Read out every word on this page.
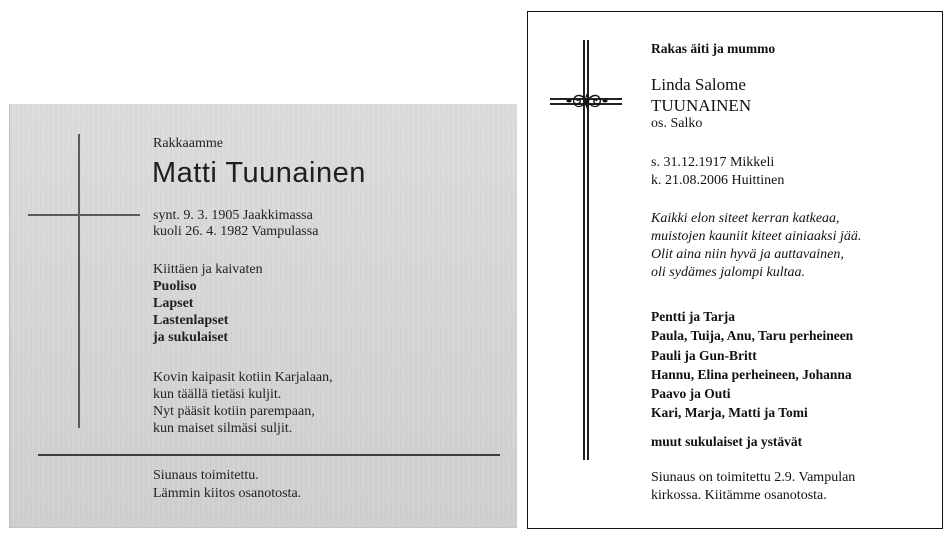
Rakkaamme
Matti Tuunainen
synt. 9. 3. 1905 Jaakkimassa
kuoli 26. 4. 1982 Vampulassa
Kiittäen ja kaivaten
Puoliso
Lapset
Lastenlapset
ja sukulaiset
Kovin kaipasit kotiin Karjalaan,
kun täällä tietäsi kuljit.
Nyt pääsit kotiin parempaan,
kun maiset silmäsi suljit.
Siunaus toimitettu.
Lämmin kiitos osanotosta.
Rakas äiti ja mummo
Linda Salome
TUUNAINEN
os. Salko
s. 31.12.1917 Mikkeli
k. 21.08.2006 Huittinen
Kaikki elon siteet kerran katkeaa,
muistojen kauniit kiteet ainiaaksi jää.
Olit aina niin hyvä ja auttavainen,
oli sydämes jalompi kultaa.
Pentti ja Tarja
Paula, Tuija, Anu, Taru perheineen
Pauli ja Gun-Britt
Hannu, Elina perheineen, Johanna
Paavo ja Outi
Kari, Marja, Matti ja Tomi
muut sukulaiset ja ystävät
Siunaus on toimitettu 2.9. Vampulan
kirkossa. Kiitämme osanotosta.
